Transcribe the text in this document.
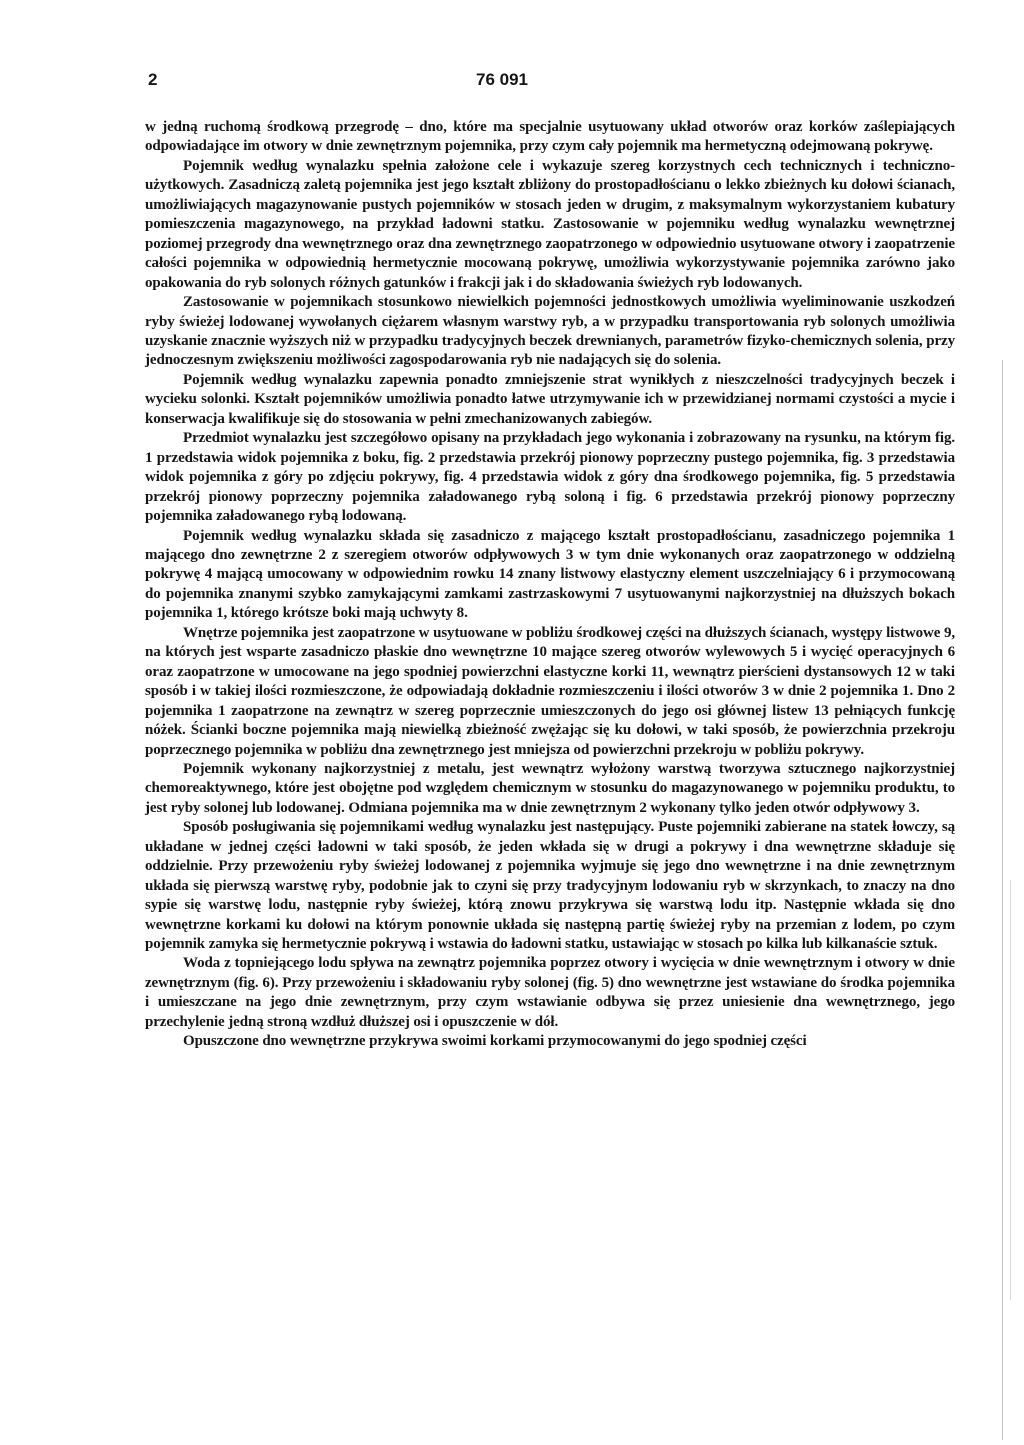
2	76 091

w jedną ruchomą środkową przegrodę – dno, które ma specjalnie usytuowany układ otworów oraz korków zaślepiających odpowiadające im otwory w dnie zewnętrznym pojemnika, przy czym cały pojemnik ma hermetyczną odejmowaną pokrywę.

Pojemnik według wynalazku spełnia założone cele i wykazuje szereg korzystnych cech technicznych i techniczno-użytkowych. Zasadniczą zaletą pojemnika jest jego kształt zbliżony do prostopadłościanu o lekko zbieżnych ku dołowi ścianach, umożliwiających magazynowanie pustych pojemników w stosach jeden w drugim, z maksymalnym wykorzystaniem kubatury pomieszczenia magazynowego, na przykład ładowni statku. Zastosowanie w pojemniku według wynalazku wewnętrznej poziomej przegrody dna wewnętrznego oraz dna zewnętrznego zaopatrzonego w odpowiednio usytuowane otwory i zaopatrzenie całości pojemnika w odpowiednią hermetycznie mocowaną pokrywę, umożliwia wykorzystywanie pojemnika zarówno jako opakowania do ryb solonych różnych gatunków i frakcji jak i do składowania świeżych ryb lodowanych.

Zastosowanie w pojemnikach stosunkowo niewielkich pojemności jednostkowych umożliwia wyeliminowanie uszkodzeń ryby świeżej lodowanej wywołanych ciężarem własnym warstwy ryb, a w przypadku transportowania ryb solonych umożliwia uzyskanie znacznie wyższych niż w przypadku tradycyjnych beczek drewnianych, parametrów fizyko-chemicznych solenia, przy jednoczesnym zwiększeniu możliwości zagospodarowania ryb nie nadających się do solenia.

Pojemnik według wynalazku zapewnia ponadto zmniejszenie strat wynikłych z nieszczelności tradycyjnych beczek i wycieku solonki. Kształt pojemników umożliwia ponadto łatwe utrzymywanie ich w przewidzianej normami czystości a mycie i konserwacja kwalifikuje się do stosowania w pełni zmechanizowanych zabiegów.

Przedmiot wynalazku jest szczegółowo opisany na przykładach jego wykonania i zobrazowany na rysunku, na którym fig. 1 przedstawia widok pojemnika z boku, fig. 2 przedstawia przekrój pionowy poprzeczny pustego pojemnika, fig. 3 przedstawia widok pojemnika z góry po zdjęciu pokrywy, fig. 4 przedstawia widok z góry dna środkowego pojemnika, fig. 5 przedstawia przekrój pionowy poprzeczny pojemnika załadowanego rybą soloną i fig. 6 przedstawia przekrój pionowy poprzeczny pojemnika załadowanego rybą lodowaną.

Pojemnik według wynalazku składa się zasadniczo z mającego kształt prostopadłościanu, zasadniczego pojemnika 1 mającego dno zewnętrzne 2 z szeregiem otworów odpływowych 3 w tym dnie wykonanych oraz zaopatrzonego w oddzielną pokrywę 4 mającą umocowany w odpowiednim rowku 14 znany listwowy elastyczny element uszczelniający 6 i przymocowaną do pojemnika znanymi szybko zamykającymi zamkami zastrzaskowymi 7 usytuowanymi najkorzystniej na dłuższych bokach pojemnika 1, którego krótsze boki mają uchwyty 8.

Wnętrze pojemnika jest zaopatrzone w usytuowane w pobliżu środkowej części na dłuższych ścianach, występy listwowe 9, na których jest wsparte zasadniczo płaskie dno wewnętrzne 10 mające szereg otworów wylewowych 5 i wycięć operacyjnych 6 oraz zaopatrzone w umocowane na jego spodniej powierzchni elastyczne korki 11, wewnątrz pierścieni dystansowych 12 w taki sposób i w takiej ilości rozmieszczone, że odpowiadają dokładnie rozmieszczeniu i ilości otworów 3 w dnie 2 pojemnika 1. Dno 2 pojemnika 1 zaopatrzone na zewnątrz w szereg poprzecznie umieszczonych do jego osi głównej listew 13 pełniących funkcję nóżek. Ścianki boczne pojemnika mają niewielką zbieżność zwężając się ku dołowi, w taki sposób, że powierzchnia przekroju poprzecznego pojemnika w pobliżu dna zewnętrznego jest mniejsza od powierzchni przekroju w pobliżu pokrywy.

Pojemnik wykonany najkorzystniej z metalu, jest wewnątrz wyłożony warstwą tworzywa sztucznego najkorzystniej chemoreaktywnego, które jest obojętne pod względem chemicznym w stosunku do magazynowanego w pojemniku produktu, to jest ryby solonej lub lodowanej. Odmiana pojemnika ma w dnie zewnętrznym 2 wykonany tylko jeden otwór odpływowy 3.

Sposób posługiwania się pojemnikami według wynalazku jest następujący. Puste pojemniki zabierane na statek łowczy, są układane w jednej części ładowni w taki sposób, że jeden wkłada się w drugi a pokrywy i dna wewnętrzne składuje się oddzielnie. Przy przewożeniu ryby świeżej lodowanej z pojemnika wyjmuje się jego dno wewnętrzne i na dnie zewnętrznym układa się pierwszą warstwę ryby, podobnie jak to czyni się przy tradycyjnym lodowaniu ryb w skrzynkach, to znaczy na dno sypie się warstwę lodu, następnie ryby świeżej, którą znowu przykrywa się warstwą lodu itp. Następnie wkłada się dno wewnętrzne korkami ku dołowi na którym ponownie układa się następną partię świeżej ryby na przemian z lodem, po czym pojemnik zamyka się hermetycznie pokrywą i wstawia do ładowni statku, ustawiając w stosach po kilka lub kilkanaście sztuk.

Woda z topniejącego lodu spływa na zewnątrz pojemnika poprzez otwory i wycięcia w dnie wewnętrznym i otwory w dnie zewnętrznym (fig. 6). Przy przewożeniu i składowaniu ryby solonej (fig. 5) dno wewnętrzne jest wstawiane do środka pojemnika i umieszczane na jego dnie zewnętrznym, przy czym wstawianie odbywa się przez uniesienie dna wewnętrznego, jego przechylenie jedną stroną wzdłuż dłuższej osi i opuszczenie w dół.

Opuszczone dno wewnętrzne przykrywa swoimi korkami przymocowanymi do jego spodniej części
